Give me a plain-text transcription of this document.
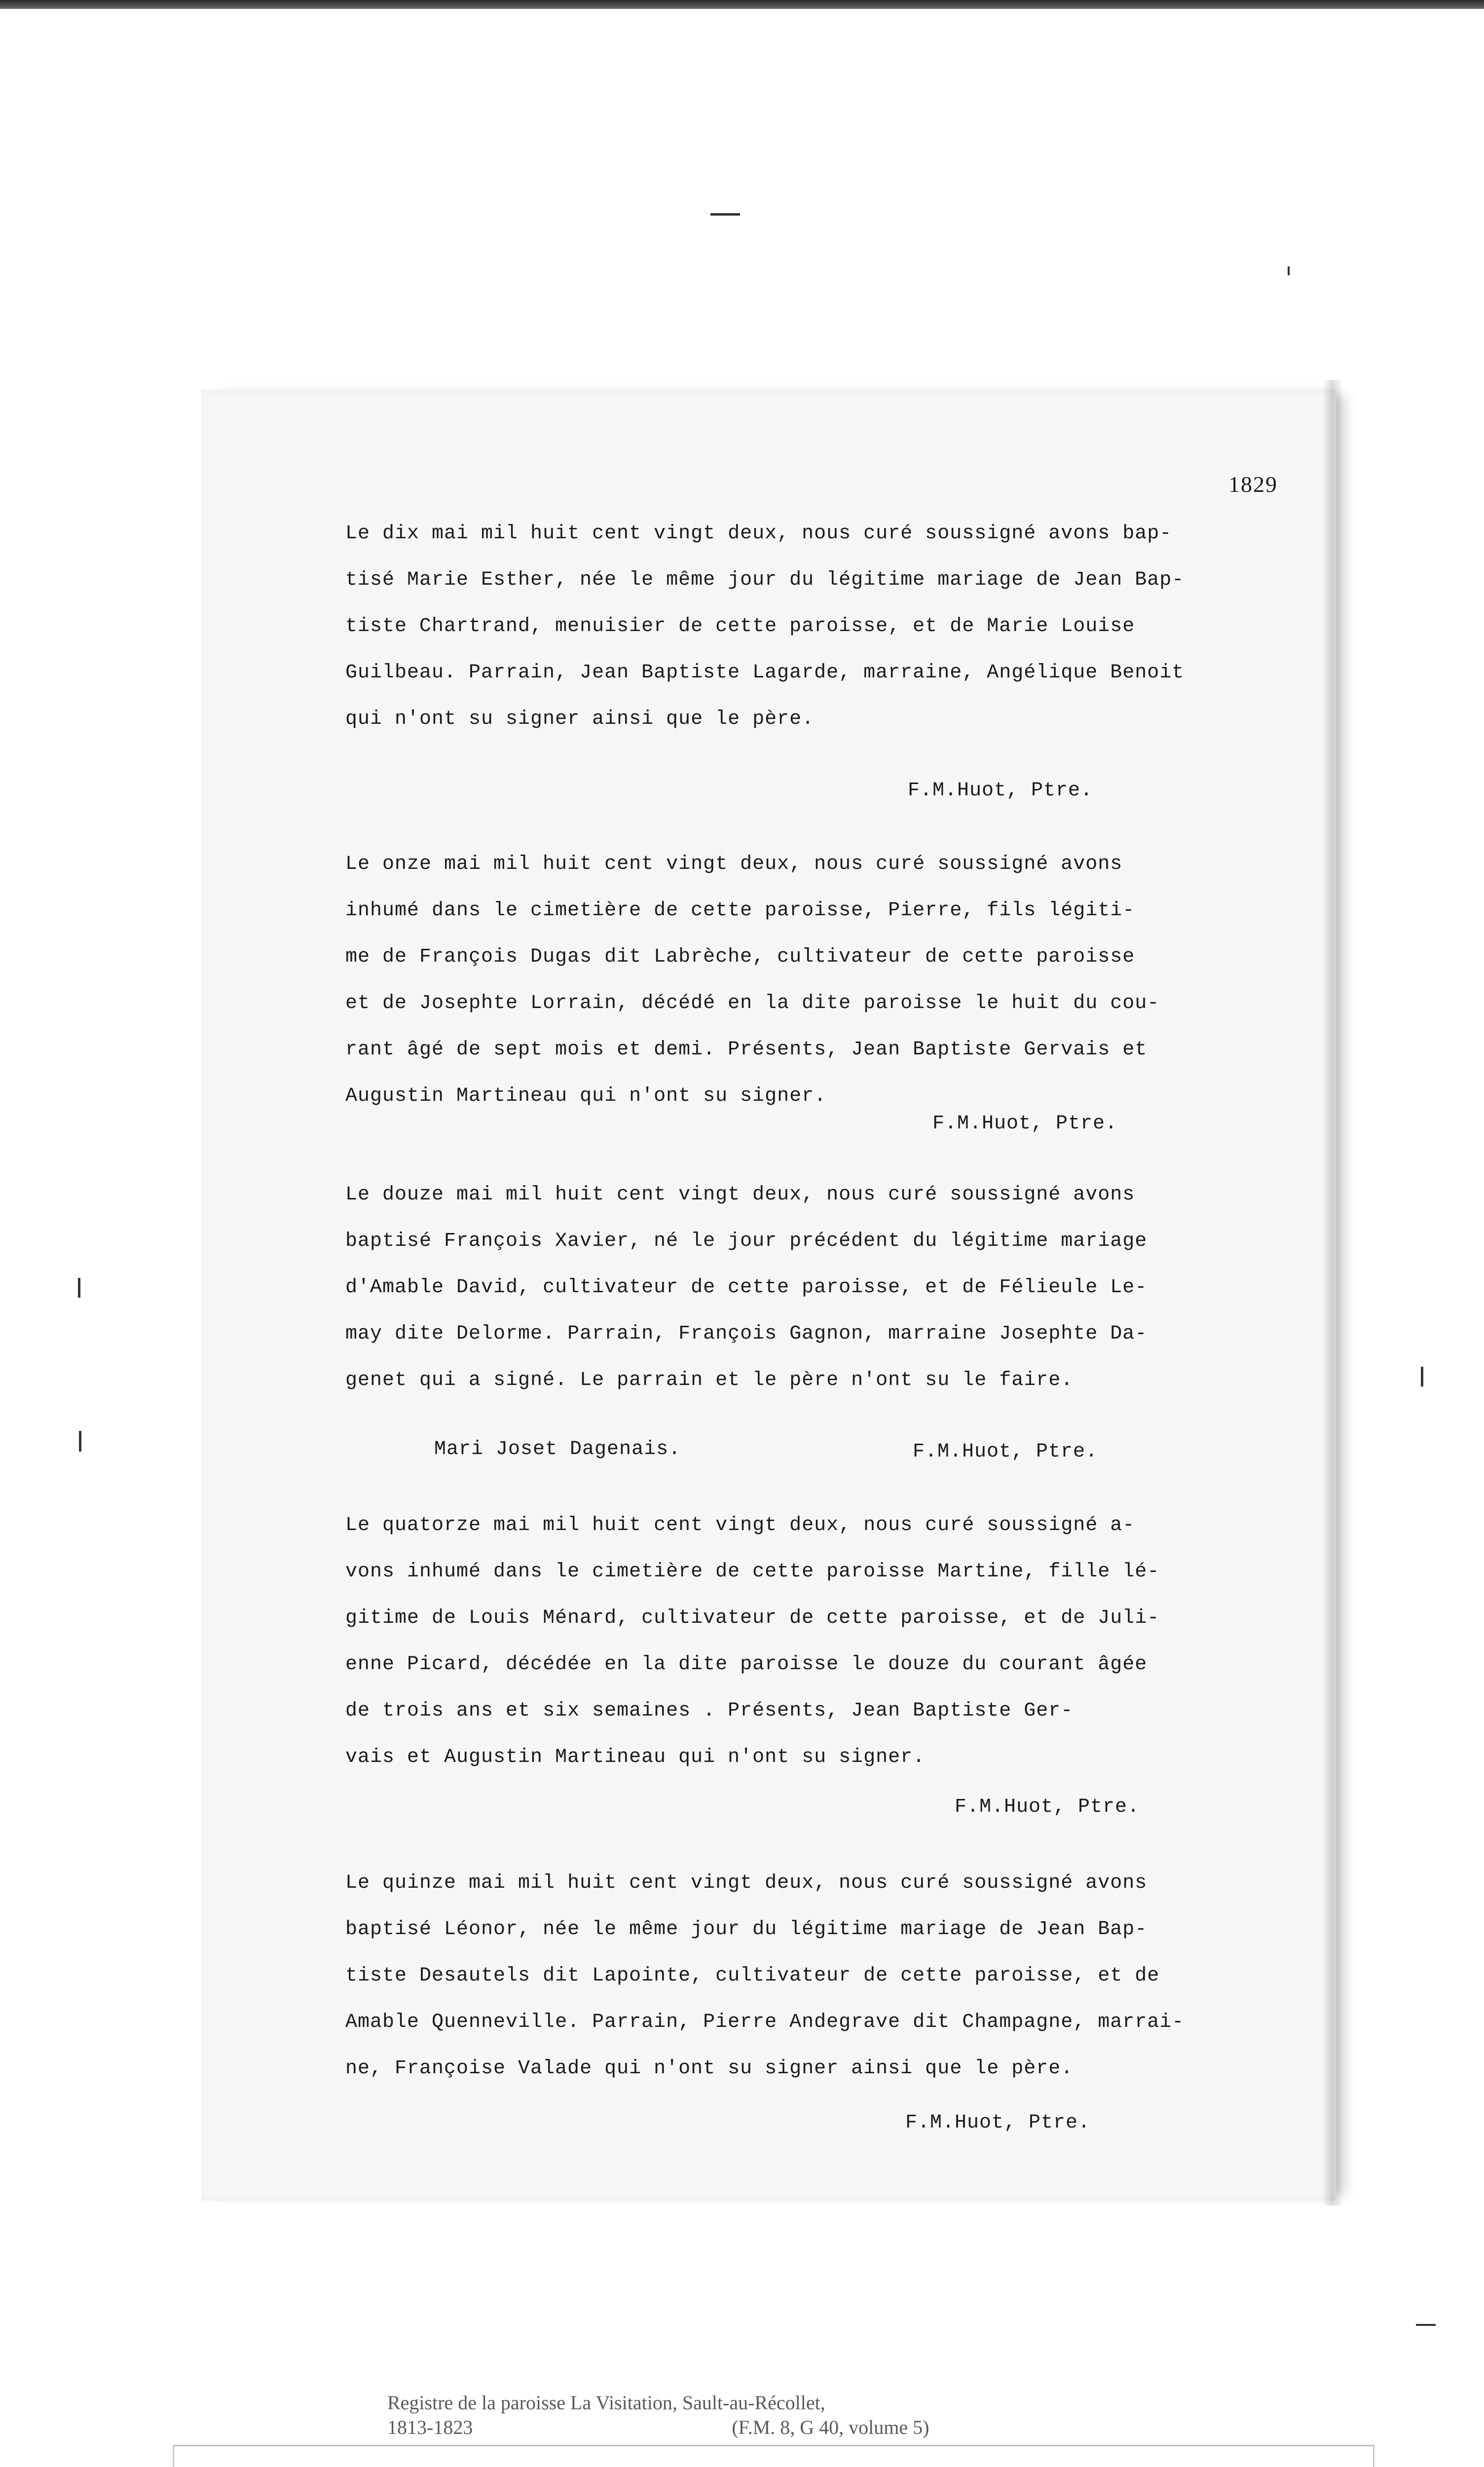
1829
Le dix mai mil huit cent vingt deux, nous curé soussigné avons bap-
tisé Marie Esther, née le même jour du légitime mariage de Jean Bap-
tiste Chartrand, menuisier de cette paroisse, et de Marie Louise
Guilbeau. Parrain, Jean Baptiste Lagarde, marraine, Angélique Benoit
qui n'ont su signer ainsi que le père.
F.M.Huot, Ptre.
Le onze mai mil huit cent vingt deux, nous curé soussigné avons
inhumé dans le cimetière de cette paroisse, Pierre, fils légiti-
me de François Dugas dit Labrèche, cultivateur de cette paroisse
et de Josephte Lorrain, décédé en la dite paroisse le huit du cou-
rant âgé de sept mois et demi. Présents, Jean Baptiste Gervais et
Augustin Martineau qui n'ont su signer.
F.M.Huot, Ptre.
Le douze mai mil huit cent vingt deux, nous curé soussigné avons
baptisé François Xavier, né le jour précédent du légitime mariage
d'Amable David, cultivateur de cette paroisse, et de Félieule Le-
may dite Delorme. Parrain, François Gagnon, marraine Josephte Da-
genet qui a signé. Le parrain et le père n'ont su le faire.
Mari Joset Dagenais.	F.M.Huot, Ptre.
Le quatorze mai mil huit cent vingt deux, nous curé soussigné a-
vons inhumé dans le cimetière de cette paroisse Martine, fille lé-
gitime de Louis Ménard, cultivateur de cette paroisse, et de Juli-
enne Picard, décédée en la dite paroisse le douze du courant âgée
de trois ans et six semaines . Présents, Jean Baptiste Ger-
vais et Augustin Martineau qui n'ont su signer.
F.M.Huot, Ptre.
Le quinze mai mil huit cent vingt deux, nous curé soussigné avons
baptisé Léonor, née le même jour du légitime mariage de Jean Bap-
tiste Desautels dit Lapointe, cultivateur de cette paroisse, et de
Amable Quenneville. Parrain, Pierre Andegrave dit Champagne, marrai-
ne, Françoise Valade qui n'ont su signer ainsi que le père.
F.M.Huot, Ptre.
Registre de la paroisse La Visitation, Sault-au-Récollet,
1813-1823	(F.M. 8, G 40, volume 5)
